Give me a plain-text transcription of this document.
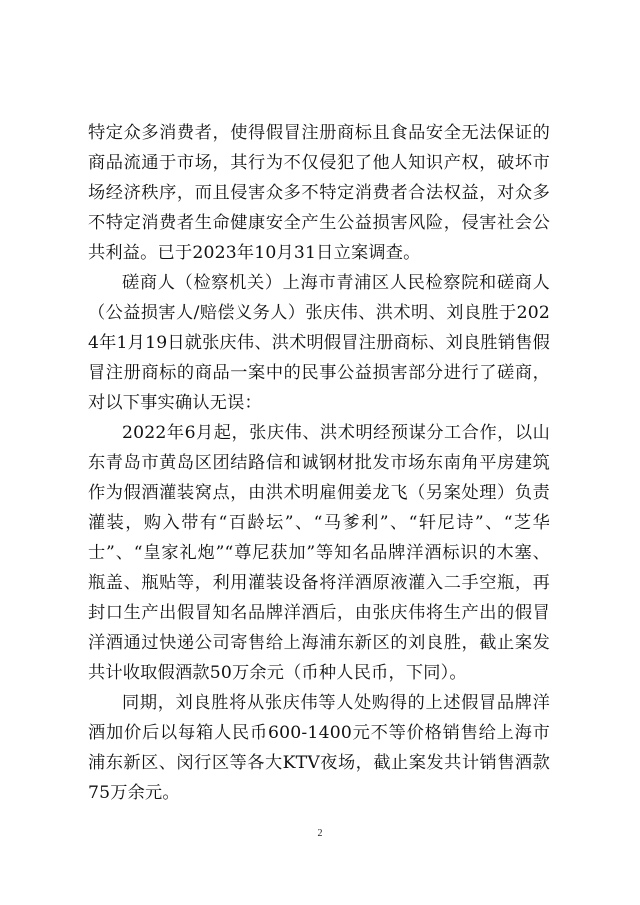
特定众多消费者，使得假冒注册商标且食品安全无法保证的商品流通于市场，其行为不仅侵犯了他人知识产权，破坏市场经济秩序，而且侵害众多不特定消费者合法权益，对众多不特定消费者生命健康安全产生公益损害风险，侵害社会公共利益。已于2023年10月31日立案调查。

磋商人（检察机关）上海市青浦区人民检察院和磋商人（公益损害人/赔偿义务人）张庆伟、洪术明、刘良胜于2024年1月19日就张庆伟、洪术明假冒注册商标、刘良胜销售假冒注册商标的商品一案中的民事公益损害部分进行了磋商，对以下事实确认无误：

2022年6月起，张庆伟、洪术明经预谋分工合作，以山东青岛市黄岛区团结路信和诚钢材批发市场东南角平房建筑作为假酒灌装窝点，由洪术明雇佣姜龙飞（另案处理）负责灌装，购入带有“百龄坛”、“马爹利”、“轩尼诗”、“芝华士”、“皇家礼炮”“尊尼获加”等知名品牌洋酒标识的木塞、瓶盖、瓶贴等，利用灌装设备将洋酒原液灌入二手空瓶，再封口生产出假冒知名品牌洋酒后，由张庆伟将生产出的假冒洋酒通过快递公司寄售给上海浦东新区的刘良胜，截止案发共计收取假酒款50万余元（币种人民币，下同）。

同期，刘良胜将从张庆伟等人处购得的上述假冒品牌洋酒加价后以每箱人民币600-1400元不等价格销售给上海市浦东新区、闵行区等各大KTV夜场，截止案发共计销售酒款75万余元。

2
